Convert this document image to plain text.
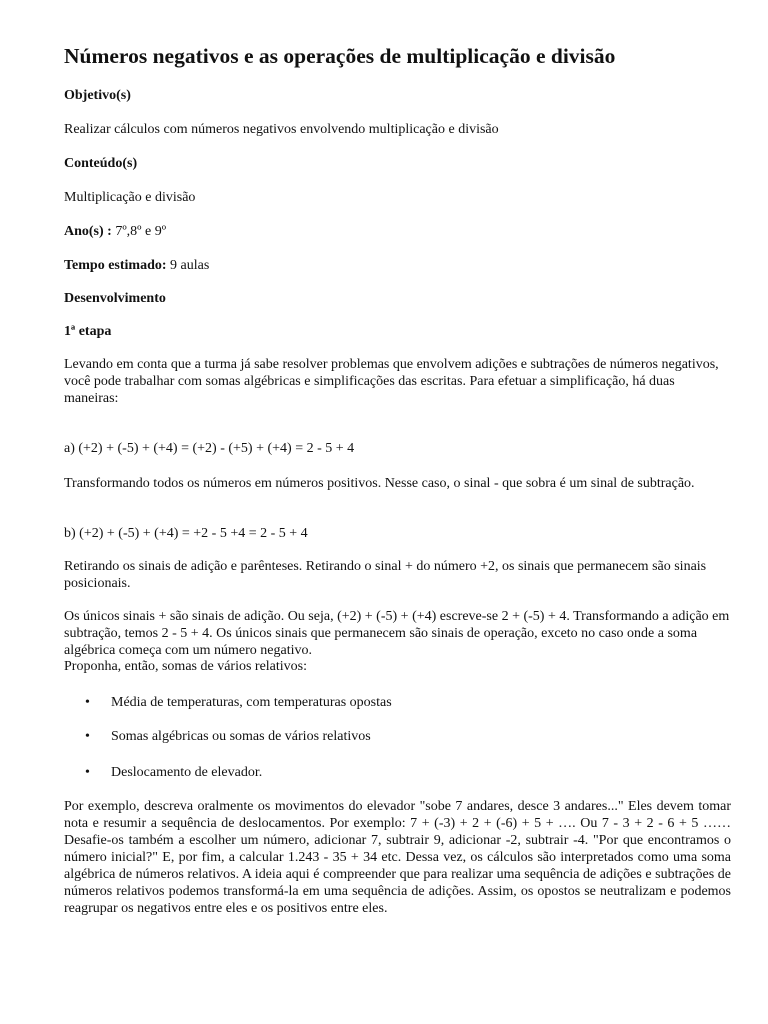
Números negativos e as operações de multiplicação e divisão
Objetivo(s)
Realizar cálculos com números negativos envolvendo multiplicação e divisão
Conteúdo(s)
Multiplicação e divisão
Ano(s) : 7º,8º e 9º
Tempo estimado: 9 aulas
Desenvolvimento
1ª etapa
Levando em conta que a turma já sabe resolver problemas que envolvem adições e subtrações de números negativos, você pode trabalhar com somas algébricas e simplificações das escritas. Para efetuar a simplificação, há duas maneiras:
a) (+2) + (-5) + (+4) = (+2) - (+5) + (+4) = 2 - 5 + 4
Transformando todos os números em números positivos. Nesse caso, o sinal - que sobra é um sinal de subtração.
b) (+2) + (-5) + (+4) = +2 - 5 +4 = 2 - 5 + 4
Retirando os sinais de adição e parênteses. Retirando o sinal + do número +2, os sinais que permanecem são sinais posicionais.
Os únicos sinais + são sinais de adição. Ou seja, (+2) + (-5) + (+4) escreve-se 2 + (-5) + 4. Transformando a adição em subtração, temos 2 - 5 + 4. Os únicos sinais que permanecem são sinais de operação, exceto no caso onde a soma algébrica começa com um número negativo.
Proponha, então, somas de vários relativos:
• Média de temperaturas, com temperaturas opostas
• Somas algébricas ou somas de vários relativos
• Deslocamento de elevador.
Por exemplo, descreva oralmente os movimentos do elevador "sobe 7 andares, desce 3 andares..." Eles devem tomar nota e resumir a sequência de deslocamentos. Por exemplo: 7 + (-3) + 2 + (-6) + 5 + …. Ou 7 - 3 + 2 - 6 + 5 …… Desafie-os também a escolher um número, adicionar 7, subtrair 9, adicionar -2, subtrair -4. "Por que encontramos o número inicial?" E, por fim, a calcular 1.243 - 35 + 34 etc. Dessa vez, os cálculos são interpretados como uma soma algébrica de números relativos. A ideia aqui é compreender que para realizar uma sequência de adições e subtrações de números relativos podemos transformá-la em uma sequência de adições. Assim, os opostos se neutralizam e podemos reagrupar os negativos entre eles e os positivos entre eles.
